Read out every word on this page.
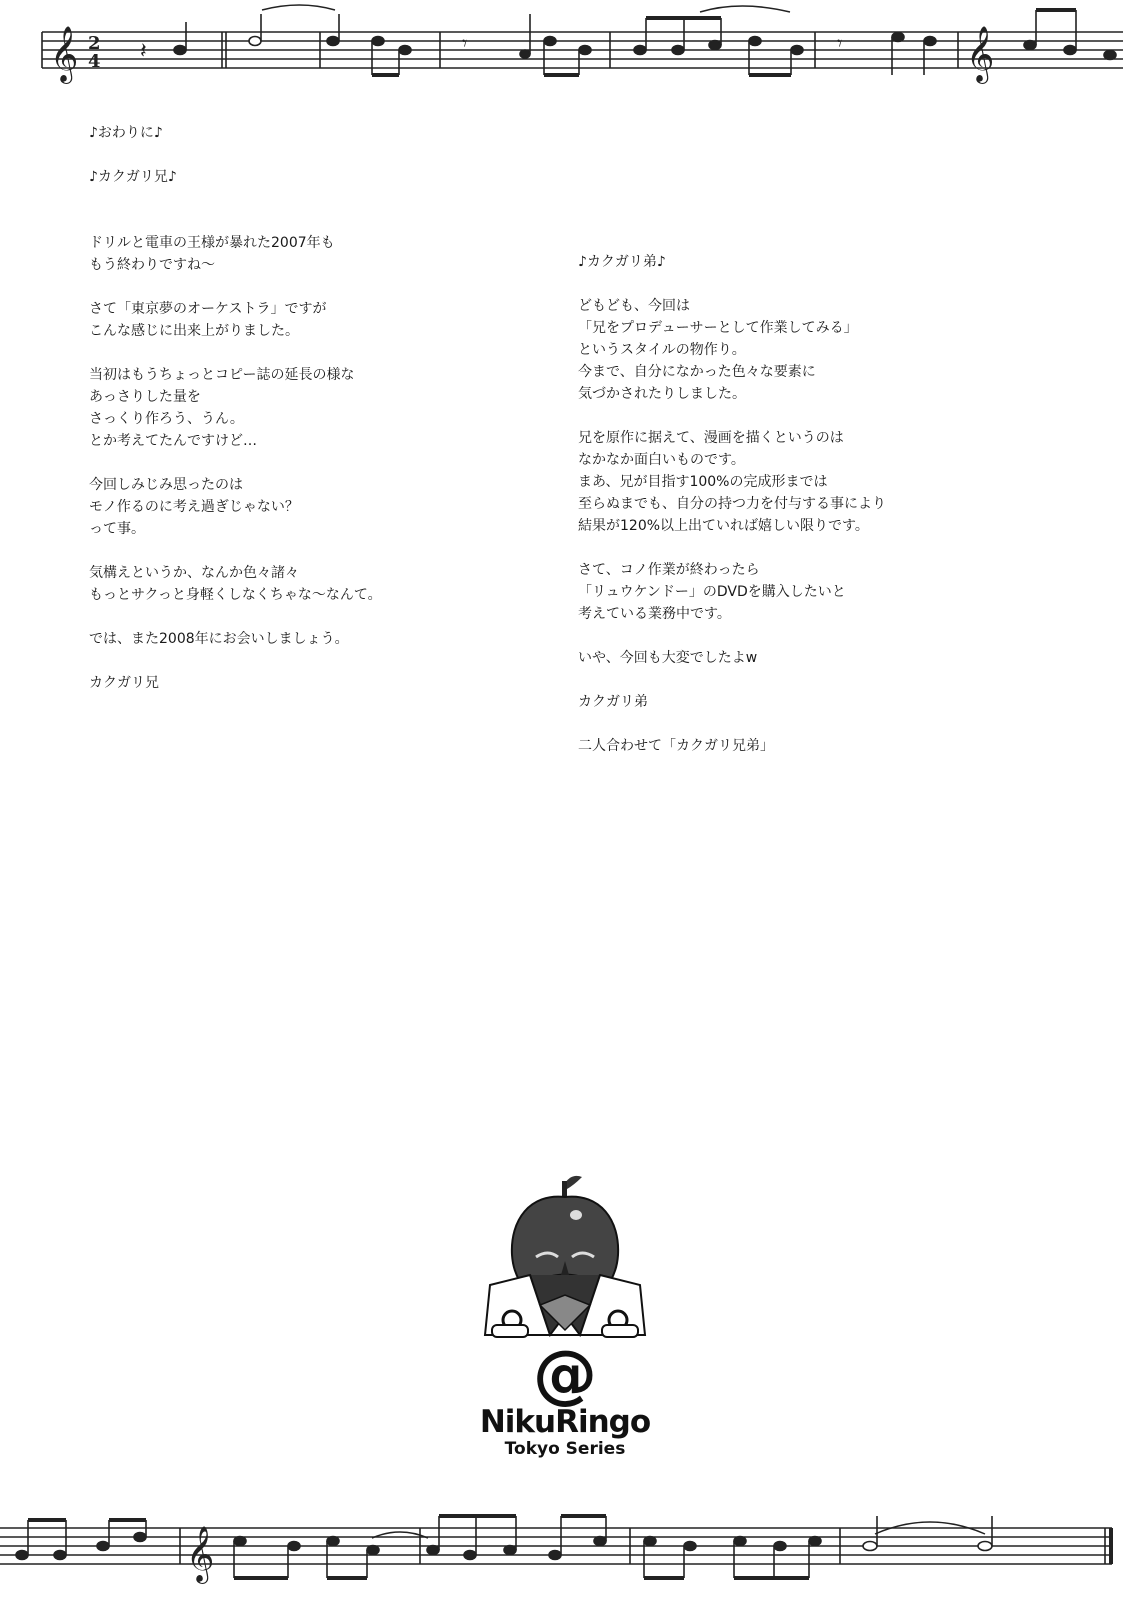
𝄞 2
4	𝄞
𝄽	𝄾	𝄾

♪おわりに♪

♪カクガリ兄♪

ドリルと電車の王様が暴れた2007年も
もう終わりですね～

さて「東京夢のオーケストラ」ですが
こんな感じに出来上がりました。

当初はもうちょっとコピー誌の延長の様な
あっさりした量を
さっくり作ろう、うん。
とか考えてたんですけど…

今回しみじみ思ったのは
モノ作るのに考え過ぎじゃない？
って事。

気構えというか、なんか色々諸々
もっとサクっと身軽くしなくちゃな～なんて。

では、また2008年にお会いしましょう。

カクガリ兄

♪カクガリ弟♪

どもども、今回は
「兄をプロデューサーとして作業してみる」
というスタイルの物作り。
今まで、自分になかった色々な要素に
気づかされたりしました。

兄を原作に据えて、漫画を描くというのは
なかなか面白いものです。
まあ、兄が目指す100%の完成形までは
至らぬまでも、自分の持つ力を付与する事により
結果が120%以上出ていれば嬉しい限りです。

さて、コノ作業が終わったら
「リュウケンドー」のDVDを購入したいと
考えている業務中です。

いや、今回も大変でしたよw

カクガリ弟

二人合わせて「カクガリ兄弟」

@
NikuRingo
Tokyo Series
𝄞
